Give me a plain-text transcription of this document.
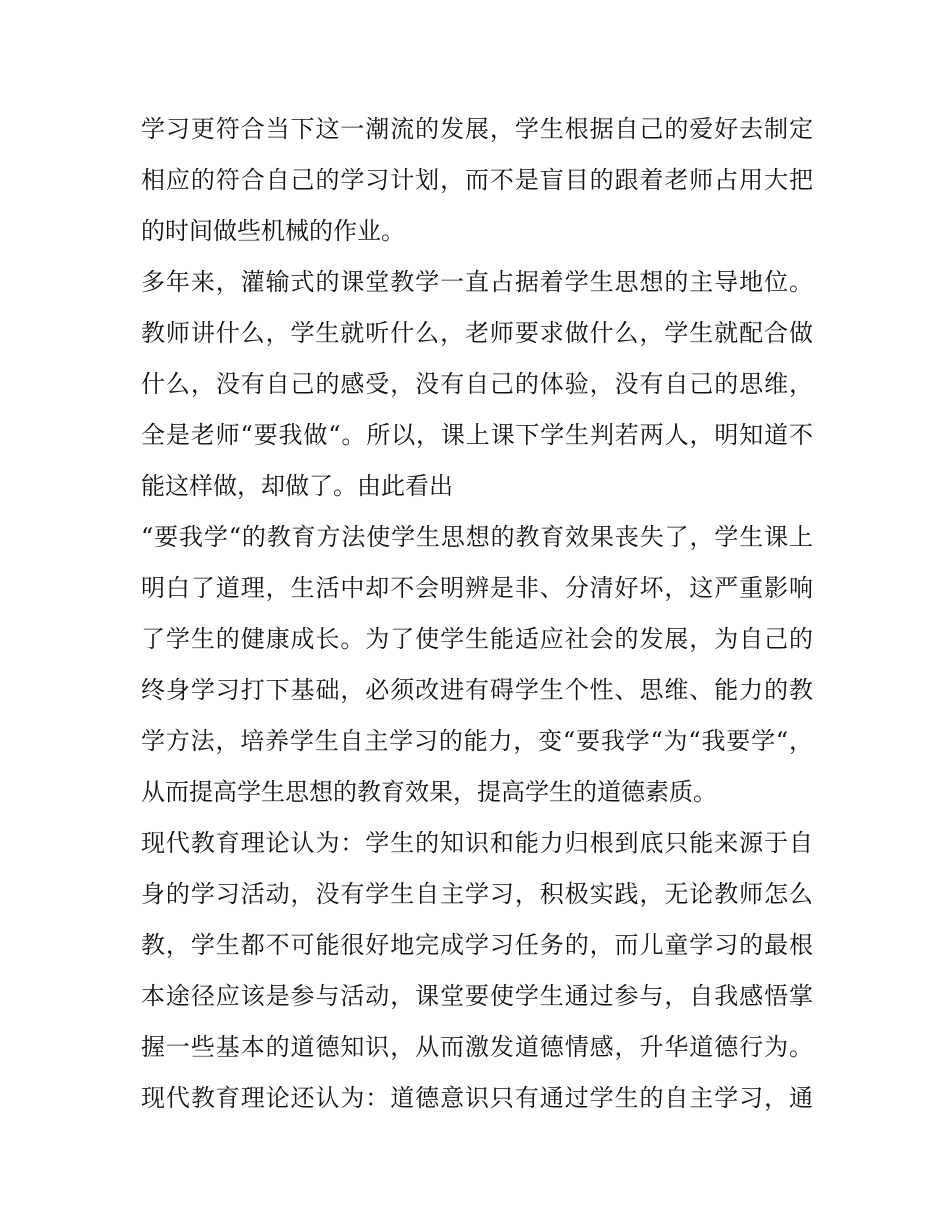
学习更符合当下这一潮流的发展，学生根据自己的爱好去制定
相应的符合自己的学习计划，而不是盲目的跟着老师占用大把
的时间做些机械的作业。
多年来，灌输式的课堂教学一直占据着学生思想的主导地位。
教师讲什么，学生就听什么，老师要求做什么，学生就配合做
什么，没有自己的感受，没有自己的体验，没有自己的思维，
全是老师“要我做“。所以，课上课下学生判若两人，明知道不
能这样做，却做了。由此看出
“要我学“的教育方法使学生思想的教育效果丧失了，学生课上
明白了道理，生活中却不会明辨是非、分清好坏，这严重影响
了学生的健康成长。为了使学生能适应社会的发展，为自己的
终身学习打下基础，必须改进有碍学生个性、思维、能力的教
学方法，培养学生自主学习的能力，变“要我学“为“我要学“，
从而提高学生思想的教育效果，提高学生的道德素质。
现代教育理论认为：学生的知识和能力归根到底只能来源于自
身的学习活动，没有学生自主学习，积极实践，无论教师怎么
教，学生都不可能很好地完成学习任务的，而儿童学习的最根
本途径应该是参与活动，课堂要使学生通过参与，自我感悟掌
握一些基本的道德知识，从而激发道德情感，升华道德行为。
现代教育理论还认为：道德意识只有通过学生的自主学习，通
